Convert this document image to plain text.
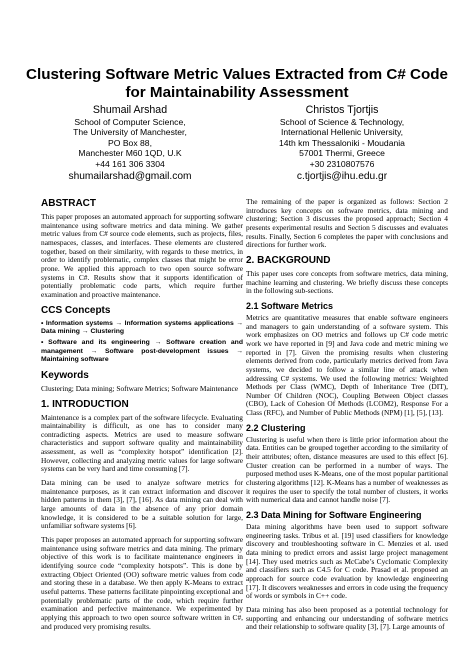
Clustering Software Metric Values Extracted from C# Code
for Maintainability Assessment
Shumail Arshad
School of Computer Science,
The University of Manchester,
PO Box 88,
Manchester M60 1QD, U.K
+44 161 306 3304
shumailarshad@gmail.com
Christos Tjortjis
School of Science & Technology,
International Hellenic University,
14th km Thessaloniki - Moudania
57001 Thermi, Greece
+30 2310807576
c.tjortjis@ihu.edu.gr
ABSTRACT

This paper proposes an automated approach for supporting software maintenance using software metrics and data mining. We gather metric values from C# source code elements, such as projects, files, namespaces, classes, and interfaces. These elements are clustered together, based on their similarity, with regards to these metrics, in order to identify problematic, complex classes that might be error prone. We applied this approach to two open source software systems in C#. Results show that it supports identification of potentially problematic code parts, which require further examination and proactive maintenance.

CCS Concepts
• Information systems → Information systems applications → Data mining → Clustering
• Software and its engineering → Software creation and management → Software post-development issues → Maintaining software
Keywords

Clustering; Data mining; Software Metrics; Software Maintenance

1. INTRODUCTION

Maintenance is a complex part of the software lifecycle. Evaluating maintainability is difficult, as one has to consider many contradicting aspects. Metrics are used to measure software characteristics and support software quality and maintainability assessment, as well as “complexity hotspot” identification [2]. However, collecting and analyzing metric values for large software systems can be very hard and time consuming [7].

Data mining can be used to analyze software metrics for maintenance purposes, as it can extract information and discover hidden patterns in them [3], [7], [16]. As data mining can deal with large amounts of data in the absence of any prior domain knowledge, it is considered to be a suitable solution for large, unfamiliar software systems [6].

This paper proposes an automated approach for supporting software maintenance using software metrics and data mining. The primary objective of this work is to facilitate maintenance engineers in identifying source code “complexity hotspots”. This is done by extracting Object Oriented (OO) software metric values from code and storing these in a database. We then apply K-Means to extract useful patterns. These patterns facilitate pinpointing exceptional and potentially problematic parts of the code, which require further examination and perfective maintenance. We experimented by applying this approach to two open source software written in C#, and produced very promising results.

The remaining of the paper is organized as follows: Section 2 introduces key concepts on software metrics, data mining and clustering; Section 3 discusses the proposed approach; Section 4 presents experimental results and Section 5 discusses and evaluates results. Finally, Section 6 completes the paper with conclusions and directions for further work.

2. BACKGROUND

This paper uses core concepts from software metrics, data mining, machine learning and clustering. We briefly discuss these concepts in the following sub-sections.

2.1 Software Metrics

Metrics are quantitative measures that enable software engineers and managers to gain understanding of a software system. This work emphasizes on OO metrics and follows up C# code metric work we have reported in [9] and Java code and metric mining we reported in [7]. Given the promising results when clustering elements derived from code, particularly metrics derived from Java systems, we decided to follow a similar line of attack when addressing C# systems. We used the following metrics: Weighted Methods per Class (WMC), Depth of Inheritance Tree (DIT), Number Of Children (NOC), Coupling Between Object classes (CBO), Lack of Cohesion Of Methods (LCOM2), Response For a Class (RFC), and Number of Public Methods (NPM) [1], [5], [13].

2.2 Clustering

Clustering is useful when there is little prior information about the data. Entities can be grouped together according to the similarity of their attributes; often, distance measures are used to this effect [6]. Cluster creation can be performed in a number of ways. The purposed method uses K-Means, one of the most popular partitional clustering algorithms [12]. K-Means has a number of weaknesses as it requires the user to specify the total number of clusters, it works with numerical data and cannot handle noise [7].

2.3 Data Mining for Software Engineering

Data mining algorithms have been used to support software engineering tasks. Tribus et al. [19] used classifiers for knowledge discovery and troubleshooting software in C. Menzies et al. used data mining to predict errors and assist large project management [14]. They used metrics such as McCabe’s Cyclomatic Complexity and classifiers such as C4.5 for C code. Prasad et al. proposed an approach for source code evaluation by knowledge engineering [17]. It discovers weaknesses and errors in code using the frequency of words or symbols in C++ code.

Data mining has also been proposed as a potential technology for supporting and enhancing our understanding of software metrics and their relationship to software quality [3], [7]. Large amounts of
